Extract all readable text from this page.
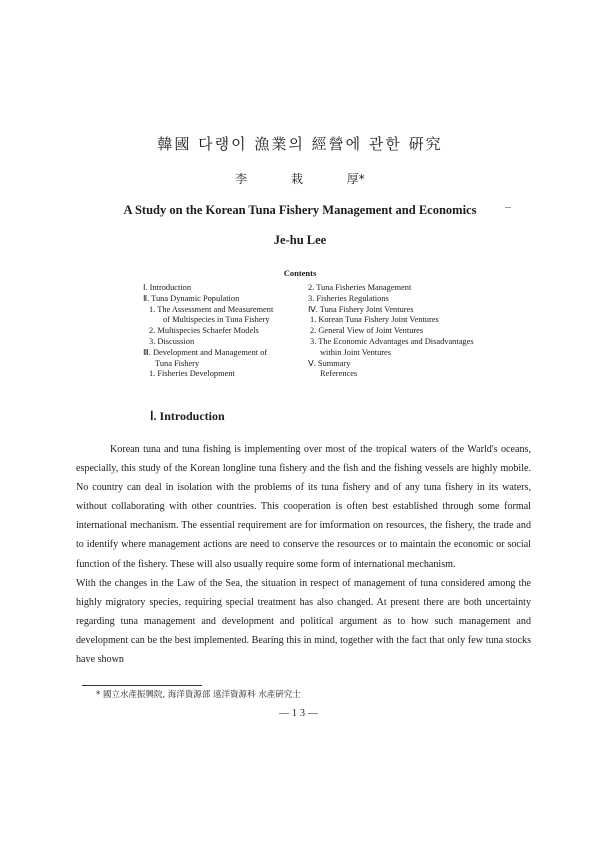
韓國 다랭이 漁業의 經營에 관한 硏究
李 栽 厚*
A Study on the Korean Tuna Fishery Management and Economics
Je-hu Lee
Contents
Ⅰ. Introduction
Ⅱ. Tuna Dynamic Population
1. The Assessment and Measurement
of Multispecies in Tuna Fishery
2. Multispecies Schaefer Models
3. Discussion
Ⅲ. Development and Management of
Tuna Fishery
1. Fisheries Development
2. Tuna Fisheries Management
3. Fisheries Regulations
Ⅳ. Tuna Fishery Joint Ventures
1. Korean Tuna Fishery Joint Ventures
2. General View of Joint Ventures
3. The Economic Advantages and Disadvantages
within Joint Ventures
Ⅴ. Summary
References
Ⅰ. Introduction

Korean tuna and tuna fishing is implementing over most of the tropical waters of the Warld's oceans, especially, this study of the Korean longline tuna fishery and the fish and the fishing vessels are highly mobile. No country can deal in isolation with the problems of its tuna fishery and of any tuna fishery in its waters, without collaborating with other countries. This cooperation is often best established through some formal international mechanism. The essential requirement are for imformation on resources, the fishery, the trade and to identify where management actions are need to conserve the resources or to maintain the economic or social function of the fishery. These will also usually require some form of international mechanism.

With the changes in the Law of the Sea, the situation in respect of management of tuna considered among the highly migratory species, requiring special treatment has also changed. At present there are both uncertainty regarding tuna management and development and political argument as to how such management and development can be the best implemented. Bearing this in mind, together with the fact that only few tuna stocks have shown

* 國立水產振興院, 海洋資源部 遠洋資源科 水產硏究士
—13—
